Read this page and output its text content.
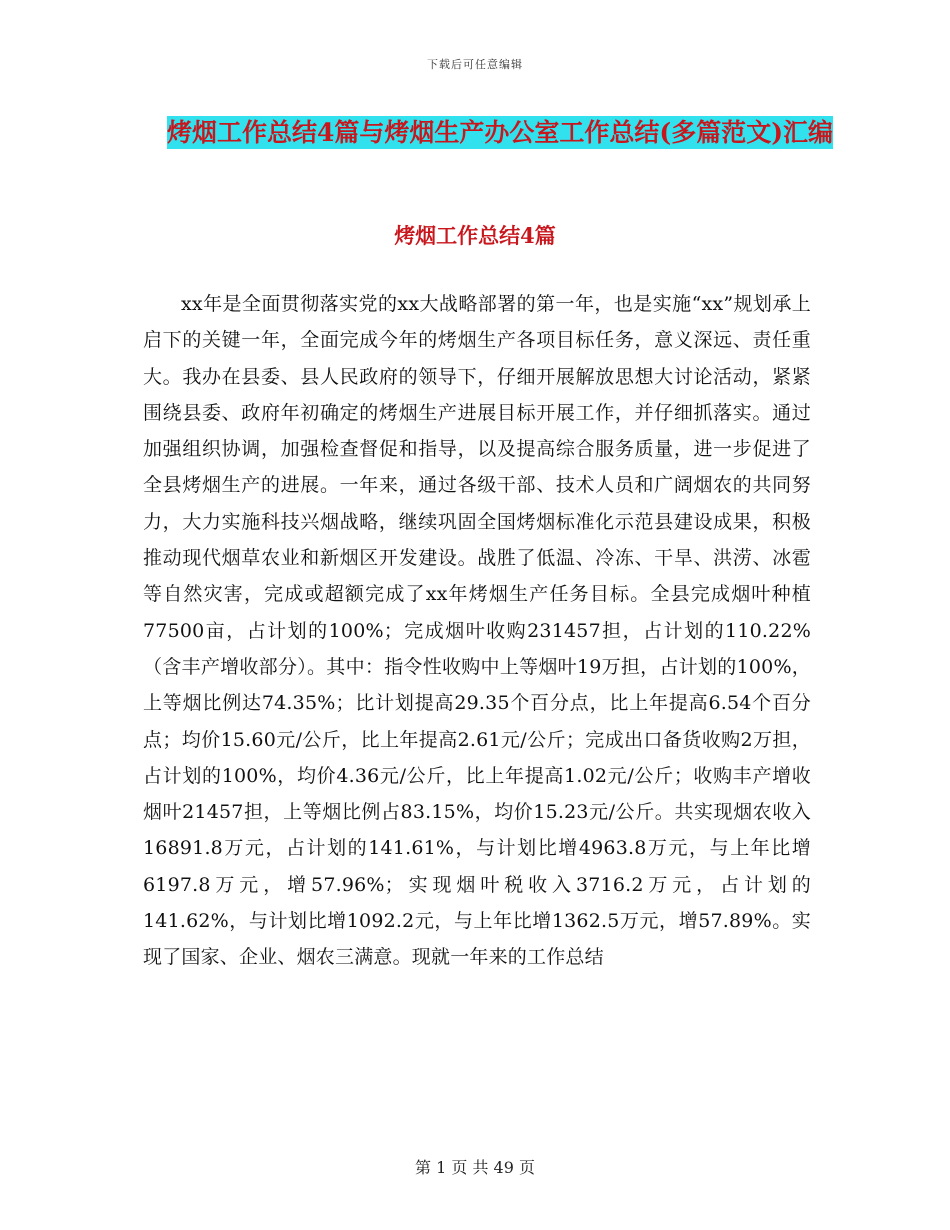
下载后可任意编辑
烤烟工作总结4篇与烤烟生产办公室工作总结(多篇范文)汇编
烤烟工作总结4篇

xx年是全面贯彻落实党的xx大战略部署的第一年，也是实施“xx”规划承上启下的关键一年，全面完成今年的烤烟生产各项目标任务，意义深远、责任重大。我办在县委、县人民政府的领导下，仔细开展解放思想大讨论活动，紧紧围绕县委、政府年初确定的烤烟生产进展目标开展工作，并仔细抓落实。通过加强组织协调，加强检查督促和指导，以及提高综合服务质量，进一步促进了全县烤烟生产的进展。一年来，通过各级干部、技术人员和广阔烟农的共同努力，大力实施科技兴烟战略，继续巩固全国烤烟标准化示范县建设成果，积极推动现代烟草农业和新烟区开发建设。战胜了低温、冷冻、干旱、洪涝、冰雹等自然灾害，完成或超额完成了xx年烤烟生产任务目标。全县完成烟叶种植77500亩，占计划的100%；完成烟叶收购231457担，占计划的110.22%（含丰产增收部分）。其中：指令性收购中上等烟叶19万担，占计划的100%，上等烟比例达74.35%；比计划提高29.35个百分点，比上年提高6.54个百分点；均价15.60元/公斤，比上年提高2.61元/公斤；完成出口备货收购2万担，占计划的100%，均价4.36元/公斤，比上年提高1.02元/公斤；收购丰产增收烟叶21457担，上等烟比例占83.15%，均价15.23元/公斤。共实现烟农收入16891.8万元，占计划的141.61%，与计划比增4963.8万元，与上年比增6197.8万元，增57.96%；实现烟叶税收入3716.2万元，占计划的141.62%，与计划比增1092.2元，与上年比增1362.5万元，增57.89%。实现了国家、企业、烟农三满意。现就一年来的工作总结

第 1 页 共 49 页
